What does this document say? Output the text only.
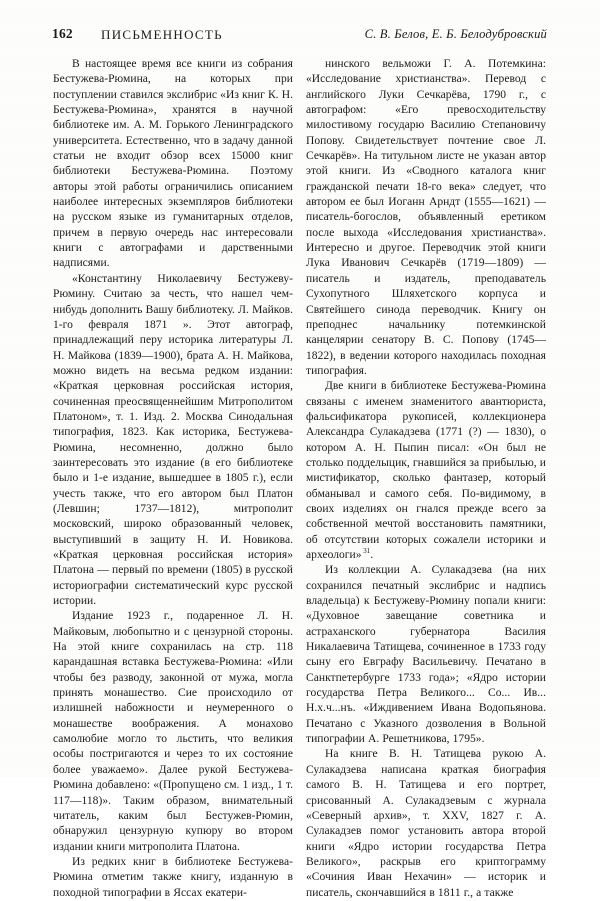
162 ПИСЬМЕННОСТЬ	С. В. Белов, Е. Б. Белодубровский

В настоящее время все книги из собрания Бестужева-Рюмина, на которых при поступлении ставился экслибрис «Из книг К. Н. Бестужева-Рюмина», хранятся в научной библиотеке им. А. М. Горького Ленинградского университета. Естественно, что в задачу данной статьи не входит обзор всех 15000 книг библиотеки Бестужева-Рюмина. Поэтому авторы этой работы ограничились описанием наиболее интересных экземпляров библиотеки на русском языке из гуманитарных отделов, причем в первую очередь нас интересовали книги с автографами и дарственными надписями.

«Константину Николаевичу Бестужеву-Рюмину. Считаю за честь, что нашел чем-нибудь дополнить Вашу библиотеку. Л. Майков. 1-го февраля 1871 ». Этот автограф, принадлежащий перу историка литературы Л. Н. Майкова (1839—1900), брата А. Н. Майкова, можно видеть на весьма редком издании: «Краткая церковная российская история, сочиненная преосвященнейшим Митрополитом Платоном», т. 1. Изд. 2. Москва Синодальная типография, 1823. Как историка, Бестужева-Рюмина, несомненно, должно было заинтересовать это издание (в его библиотеке было и 1-е издание, вышедшее в 1805 г.), если учесть также, что его автором был Платон (Левшин; 1737—1812), митрополит московский, широко образованный человек, выступивший в защиту Н. И. Новикова. «Краткая церковная российская история» Платона — первый по времени (1805) в русской историографии систематический курс русской истории.

Издание 1923 г., подаренное Л. Н. Майковым, любопытно и с цензурной стороны. На этой книге сохранилась на стр. 118 карандашная вставка Бестужева-Рюмина: «Или чтобы без разводу, законной от мужа, могла принять монашество. Сие происходило от излишней набожности и неумеренного о монашестве воображения. А монахово самолюбие могло то льстить, что великия особы постригаются и через то их состояние более уважаемо». Далее рукой Бестужева-Рюмина добавлено: «(Пропущено см. 1 изд., 1 т. 117—118)». Таким образом, внимательный читатель, каким был Бестужев-Рюмин, обнаружил цензурную купюру во втором издании книги митрополита Платона.

Из редких книг в библиотеке Бестужева-Рюмина отметим также книгу, изданную в походной типографии в Яссах екатери-

нинского вельможи Г. А. Потемкина: «Исследование христианства». Перевод с английского Луки Сечкарёва, 1790 г., с автографом: «Его превосходительству милостивому государю Василию Степановичу Попову. Свидетельствует почтение свое Л. Сечкарёв». На титульном листе не указан автор этой книги. Из «Сводного каталога книг гражданской печати 18-го века» следует, что автором ее был Иоганн Арндт (1555—1621) — писатель-богослов, объявленный еретиком после выхода «Исследования христианства». Интересно и другое. Переводчик этой книги Лука Иванович Сечкарёв (1719—1809) — писатель и издатель, преподаватель Сухопутного Шляхетского корпуса и Святейшего синода переводчик. Книгу он преподнес начальнику потемкинской канцелярии сенатору В. С. Попову (1745—1822), в ведении которого находилась походная типография.

Две книги в библиотеке Бестужева-Рюмина связаны с именем знаменитого авантюриста, фальсификатора рукописей, коллекционера Александра Сулакадзева (1771 (?) — 1830), о котором А. Н. Пыпин писал: «Он был не столько подделыцик, гнавшийся за прибылью, и мистификатор, сколько фантазер, который обманывал и самого себя. По-видимому, в своих изделиях он гнался прежде всего за собственной мечтой восстановить памятники, об отсутствии которых сожалели историки и археологи» $^{31}$.

Из коллекции А. Сулакадзева (на них сохранился печатный экслибрис и надпись владельца) к Бестужеву-Рюмину попали книги: «Духовное завещание советника и астраханского губернатора Василия Никалаевича Татищева, сочиненное в 1733 году сыну его Евграфу Васильевичу. Печатано в Санктпетербурге 1733 года»; «Ядро истории государства Петра Великого... Со... Ив... Н.х.ч...нъ. «Иждивением Ивана Водопьянова. Печатано с Указного дозволения в Вольной типографии А. Решетникова, 1795».

На книге В. Н. Татищева рукою А. Сулакадзева написана краткая биография самого В. Н. Татищева и его портрет, срисованный А. Сулакадзевым с журнала «Северный архив», т. XXV, 1827 г. А. Сулакадзев помог установить автора второй книги «Ядро истории государства Петра Великого», раскрыв его криптограмму «Сочиния Иван Нехачин» — историк и писатель, скончавшийся в 1811 г., а также
